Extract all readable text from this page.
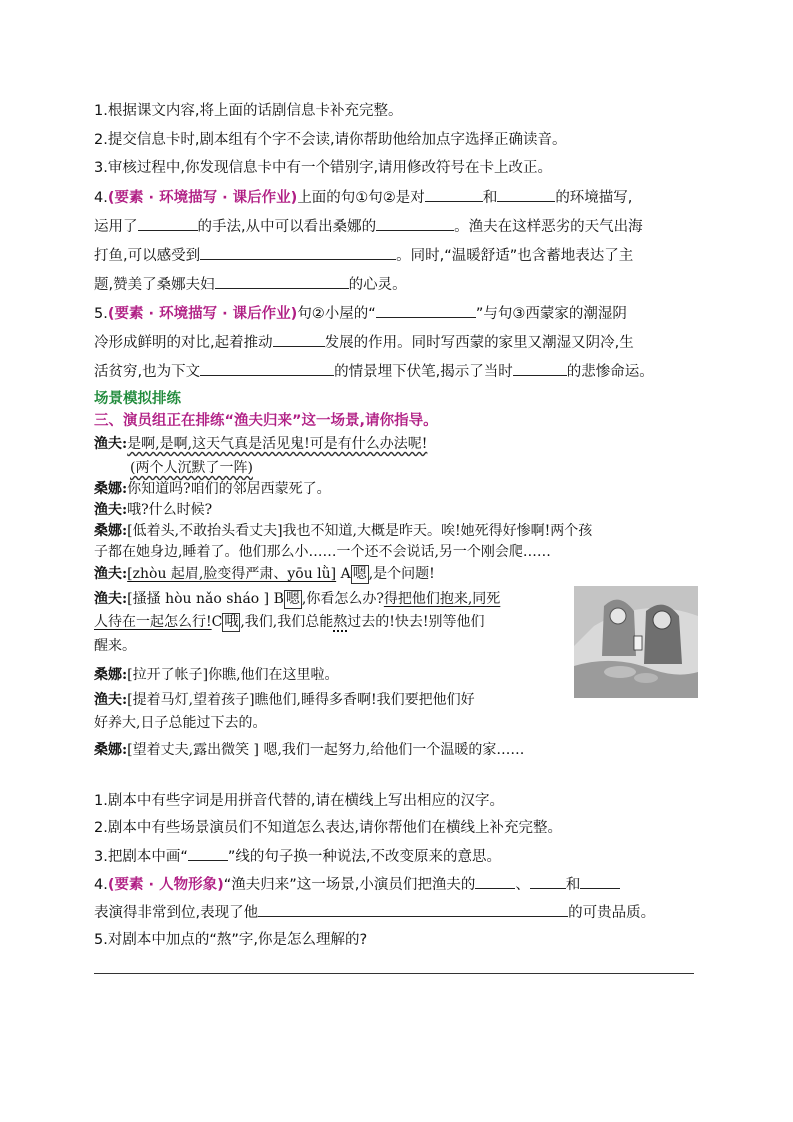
1.根据课文内容,将上面的话剧信息卡补充完整。
2.提交信息卡时,剧本组有个字不会读,请你帮助他给加点字选择正确读音。
3.审核过程中,你发现信息卡中有一个错别字,请用修改符号在卡上改正。
4.(要素 · 环境描写 · 课后作业)上面的句①句②是对	和	的环境描写,
运用了	的手法,从中可以看出桑娜的	。渔夫在这样恶劣的天气出海
打鱼,可以感受到	。同时,“温暖舒适”也含蓄地表达了主
题,赞美了桑娜夫妇	的心灵。
5.(要素 · 环境描写 · 课后作业)句②小屋的“	”与句③西蒙家的潮湿阴
冷形成鲜明的对比,起着推动	发展的作用。同时写西蒙的家里又潮湿又阴冷,生
活贫穷,也为下文	的情景埋下伏笔,揭示了当时	的悲惨命运。
场景模拟排练
三、演员组正在排练“渔夫归来”这一场景,请你指导。
渔夫:是啊,是啊,这天气真是活见鬼!可是有什么办法呢!
(两个人沉默了一阵)
桑娜:你知道吗?咱们的邻居西蒙死了。
渔夫:哦?什么时候?
桑娜:[低着头,不敢抬头看丈夫]我也不知道,大概是昨天。唉!她死得好惨啊!两个孩
子都在她身边,睡着了。他们那么小……一个还不会说话,另一个刚会爬……
渔夫:[zhòu 起眉,脸变得严肃、yōu lǜ] A 嗯 ,是个问题!
渔夫:[搔搔 hòu nǎo sháo ] B 嗯 ,你看怎么办?得把他们抱来,同死
人待在一起怎么行!C 哦 ,我们,我们总能熬过去的!快去!别等他们
醒来。
桑娜:[拉开了帐子]你瞧,他们在这里啦。
渔夫:[提着马灯,望着孩子]瞧他们,睡得多香啊!我们要把他们好
好养大,日子总能过下去的。
桑娜:[望着丈夫,露出微笑 ] 嗯,我们一起努力,给他们一个温暖的家……
1.剧本中有些字词是用拼音代替的,请在横线上写出相应的汉字。
2.剧本中有些场景演员们不知道怎么表达,请你帮他们在横线上补充完整。
3.把剧本中画“	”线的句子换一种说法,不改变原来的意思。
4.(要素 · 人物形象)“渔夫归来”这一场景,小演员们把渔夫的	、 和
表演得非常到位,表现了他	的可贵品质。
5.对剧本中加点的“熬”字,你是怎么理解的?
